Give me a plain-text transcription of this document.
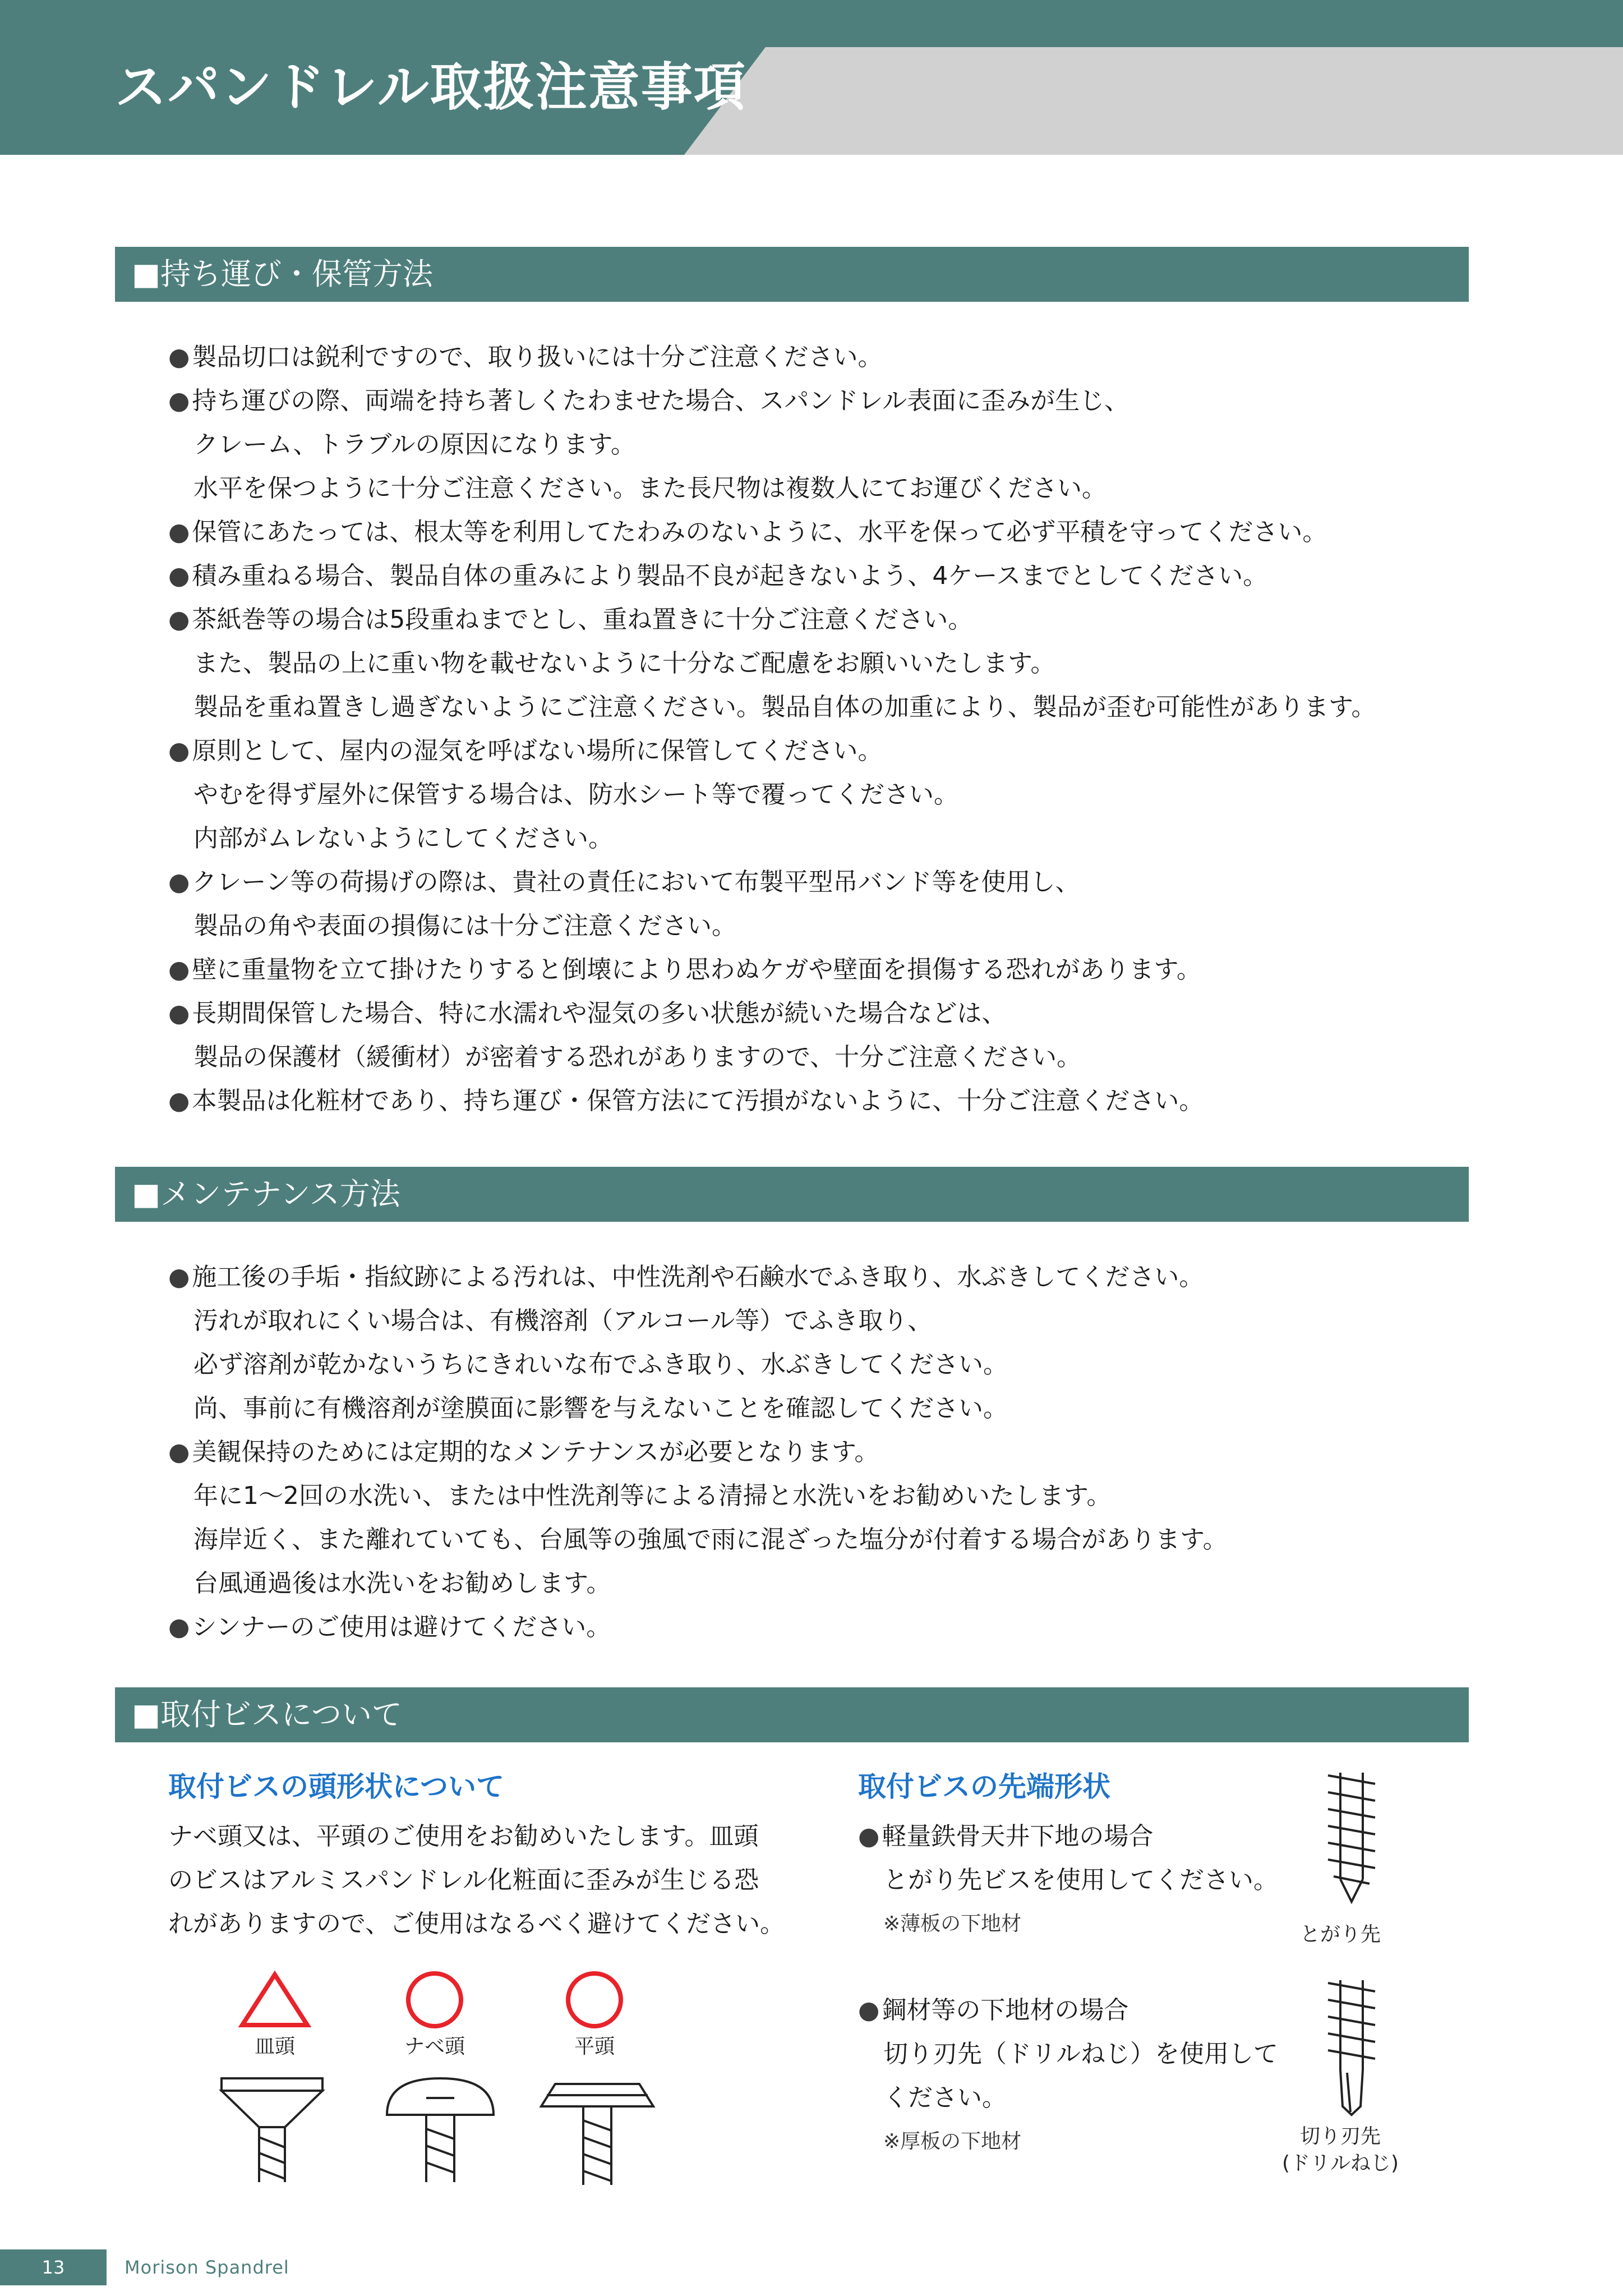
スパンドレル取扱注意事項
■持ち運び・保管方法
●製品切口は鋭利ですので、取り扱いには十分ご注意ください。
●持ち運びの際、両端を持ち著しくたわませた場合、スパンドレル表面に歪みが生じ、
クレーム、トラブルの原因になります。
水平を保つように十分ご注意ください。また長尺物は複数人にてお運びください。
●保管にあたっては、根太等を利用してたわみのないように、水平を保って必ず平積を守ってください。
●積み重ねる場合、製品自体の重みにより製品不良が起きないよう、4ケースまでとしてください。
●茶紙巻等の場合は5段重ねまでとし、重ね置きに十分ご注意ください。
また、製品の上に重い物を載せないように十分なご配慮をお願いいたします。
製品を重ね置きし過ぎないようにご注意ください。製品自体の加重により、製品が歪む可能性があります。
●原則として、屋内の湿気を呼ばない場所に保管してください。
やむを得ず屋外に保管する場合は、防水シート等で覆ってください。
内部がムレないようにしてください。
●クレーン等の荷揚げの際は、貴社の責任において布製平型吊バンド等を使用し、
製品の角や表面の損傷には十分ご注意ください。
●壁に重量物を立て掛けたりすると倒壊により思わぬケガや壁面を損傷する恐れがあります。
●長期間保管した場合、特に水濡れや湿気の多い状態が続いた場合などは、
製品の保護材（緩衝材）が密着する恐れがありますので、十分ご注意ください。
●本製品は化粧材であり、持ち運び・保管方法にて汚損がないように、十分ご注意ください。
■メンテナンス方法
●施工後の手垢・指紋跡による汚れは、中性洗剤や石鹸水でふき取り、水ぶきしてください。
汚れが取れにくい場合は、有機溶剤（アルコール等）でふき取り、
必ず溶剤が乾かないうちにきれいな布でふき取り、水ぶきしてください。
尚、事前に有機溶剤が塗膜面に影響を与えないことを確認してください。
●美観保持のためには定期的なメンテナンスが必要となります。
年に1～2回の水洗い、または中性洗剤等による清掃と水洗いをお勧めいたします。
海岸近く、また離れていても、台風等の強風で雨に混ざった塩分が付着する場合があります。
台風通過後は水洗いをお勧めします。
●シンナーのご使用は避けてください。
■取付ビスについて
取付ビスの頭形状について
ナベ頭又は、平頭のご使用をお勧めいたします。皿頭
のビスはアルミスパンドレル化粧面に歪みが生じる恐
れがありますので、ご使用はなるべく避けてください。
皿頭	ナベ頭	平頭
取付ビスの先端形状
●軽量鉄骨天井下地の場合
とがり先ビスを使用してください。
※薄板の下地材
●鋼材等の下地材の場合
切り刃先（ドリルねじ）を使用して
ください。
※厚板の下地材
とがり先
切り刃先
(ドリルねじ)
13	Morison Spandrel
